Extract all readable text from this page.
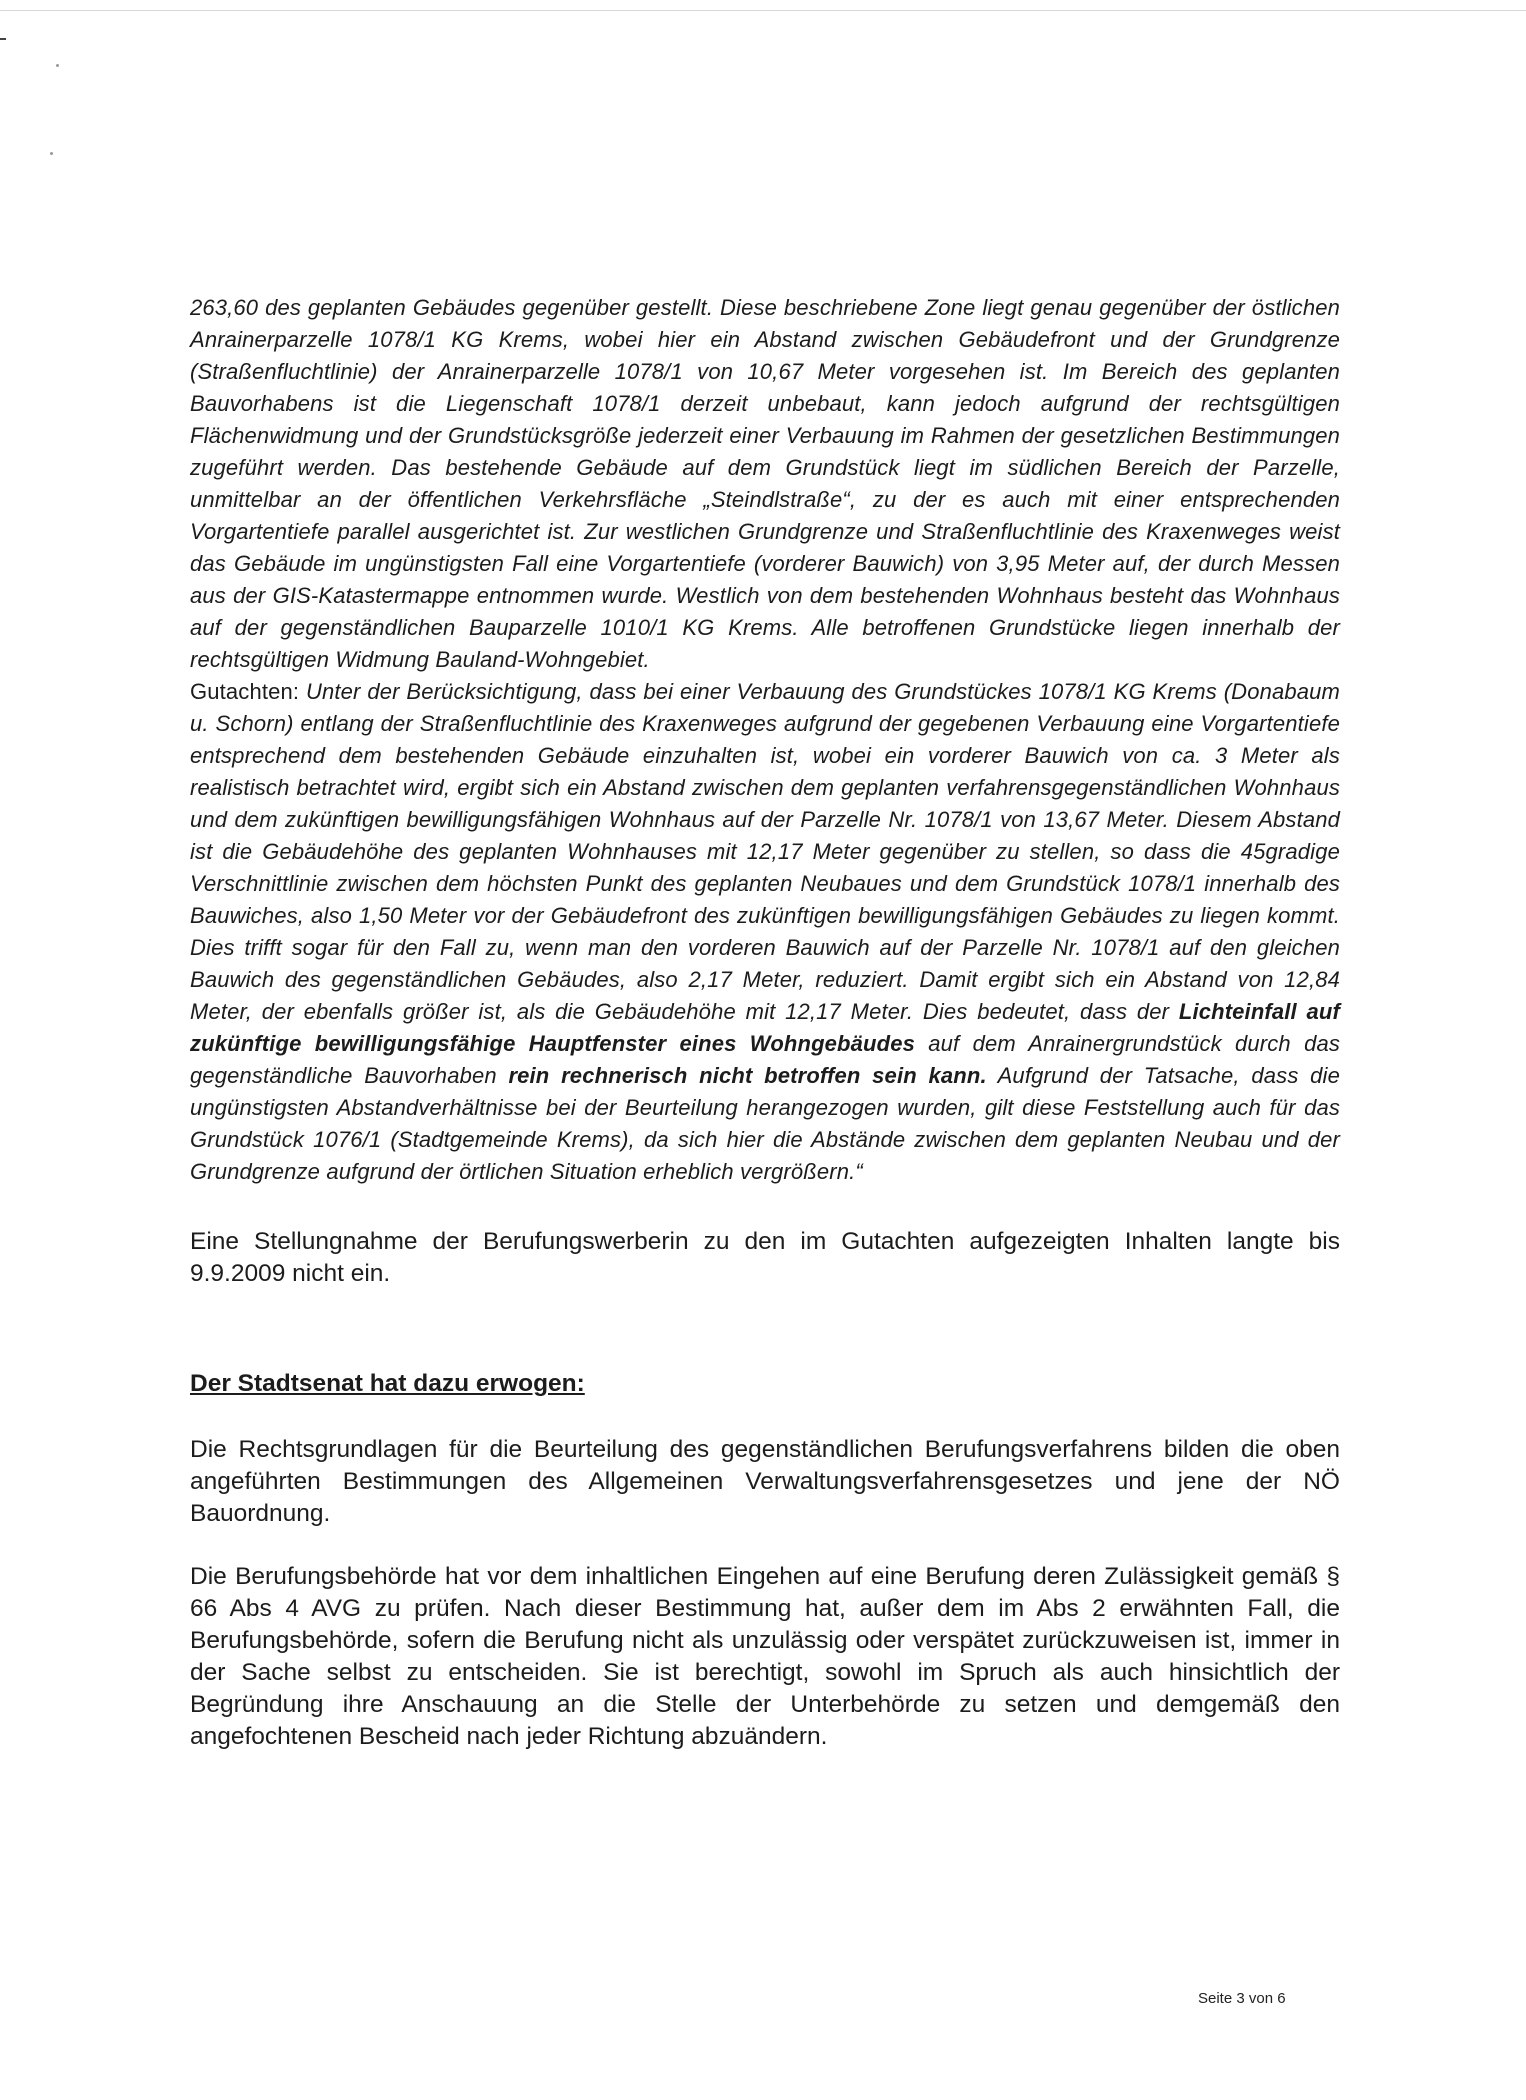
263,60 des geplanten Gebäudes gegenüber gestellt. Diese beschriebene Zone liegt genau gegenüber der östlichen Anrainerparzelle 1078/1 KG Krems, wobei hier ein Abstand zwischen Gebäudefront und der Grundgrenze (Straßenfluchtlinie) der Anrainerparzelle 1078/1 von 10,67 Meter vorgesehen ist. Im Bereich des geplanten Bauvorhabens ist die Liegenschaft 1078/1 derzeit unbebaut, kann jedoch aufgrund der rechtsgültigen Flächenwidmung und der Grundstücksgröße jederzeit einer Verbauung im Rahmen der gesetzlichen Bestimmungen zugeführt werden. Das bestehende Gebäude auf dem Grundstück liegt im südlichen Bereich der Parzelle, unmittelbar an der öffentlichen Verkehrsfläche „Steindlstraße“, zu der es auch mit einer entsprechenden Vorgartentiefe parallel ausgerichtet ist. Zur westlichen Grundgrenze und Straßenfluchtlinie des Kraxenweges weist das Gebäude im ungünstigsten Fall eine Vorgartentiefe (vorderer Bauwich) von 3,95 Meter auf, der durch Messen aus der GIS-Katastermappe entnommen wurde. Westlich von dem bestehenden Wohnhaus besteht das Wohnhaus auf der gegenständlichen Bauparzelle 1010/1 KG Krems. Alle betroffenen Grundstücke liegen innerhalb der rechtsgültigen Widmung Bauland-Wohngebiet.
Gutachten: Unter der Berücksichtigung, dass bei einer Verbauung des Grundstückes 1078/1 KG Krems (Donabaum u. Schorn) entlang der Straßenfluchtlinie des Kraxenweges aufgrund der gegebenen Verbauung eine Vorgartentiefe entsprechend dem bestehenden Gebäude einzuhalten ist, wobei ein vorderer Bauwich von ca. 3 Meter als realistisch betrachtet wird, ergibt sich ein Abstand zwischen dem geplanten verfahrensgegenständlichen Wohnhaus und dem zukünftigen bewilligungsfähigen Wohnhaus auf der Parzelle Nr. 1078/1 von 13,67 Meter. Diesem Abstand ist die Gebäudehöhe des geplanten Wohnhauses mit 12,17 Meter gegenüber zu stellen, so dass die 45gradige Verschnittlinie zwischen dem höchsten Punkt des geplanten Neubaues und dem Grundstück 1078/1 innerhalb des Bauwiches, also 1,50 Meter vor der Gebäudefront des zukünftigen bewilligungsfähigen Gebäudes zu liegen kommt. Dies trifft sogar für den Fall zu, wenn man den vorderen Bauwich auf der Parzelle Nr. 1078/1 auf den gleichen Bauwich des gegenständlichen Gebäudes, also 2,17 Meter, reduziert. Damit ergibt sich ein Abstand von 12,84 Meter, der ebenfalls größer ist, als die Gebäudehöhe mit 12,17 Meter. Dies bedeutet, dass der Lichteinfall auf zukünftige bewilligungsfähige Hauptfenster eines Wohngebäudes auf dem Anrainergrundstück durch das gegenständliche Bauvorhaben rein rechnerisch nicht betroffen sein kann. Aufgrund der Tatsache, dass die ungünstigsten Abstandverhältnisse bei der Beurteilung herangezogen wurden, gilt diese Feststellung auch für das Grundstück 1076/1 (Stadtgemeinde Krems), da sich hier die Abstände zwischen dem geplanten Neubau und der Grundgrenze aufgrund der örtlichen Situation erheblich vergrößern.“

Eine Stellungnahme der Berufungswerberin zu den im Gutachten aufgezeigten Inhalten langte bis 9.9.2009 nicht ein.

Der Stadtsenat hat dazu erwogen:

Die Rechtsgrundlagen für die Beurteilung des gegenständlichen Berufungsverfahrens bilden die oben angeführten Bestimmungen des Allgemeinen Verwaltungsverfahrensgesetzes und jene der NÖ Bauordnung.

Die Berufungsbehörde hat vor dem inhaltlichen Eingehen auf eine Berufung deren Zulässigkeit gemäß § 66 Abs 4 AVG zu prüfen. Nach dieser Bestimmung hat, außer dem im Abs 2 erwähnten Fall, die Berufungsbehörde, sofern die Berufung nicht als unzulässig oder verspätet zurückzuweisen ist, immer in der Sache selbst zu entscheiden. Sie ist berechtigt, sowohl im Spruch als auch hinsichtlich der Begründung ihre Anschauung an die Stelle der Unterbehörde zu setzen und demgemäß den angefochtenen Bescheid nach jeder Richtung abzuändern.

Seite 3 von 6
